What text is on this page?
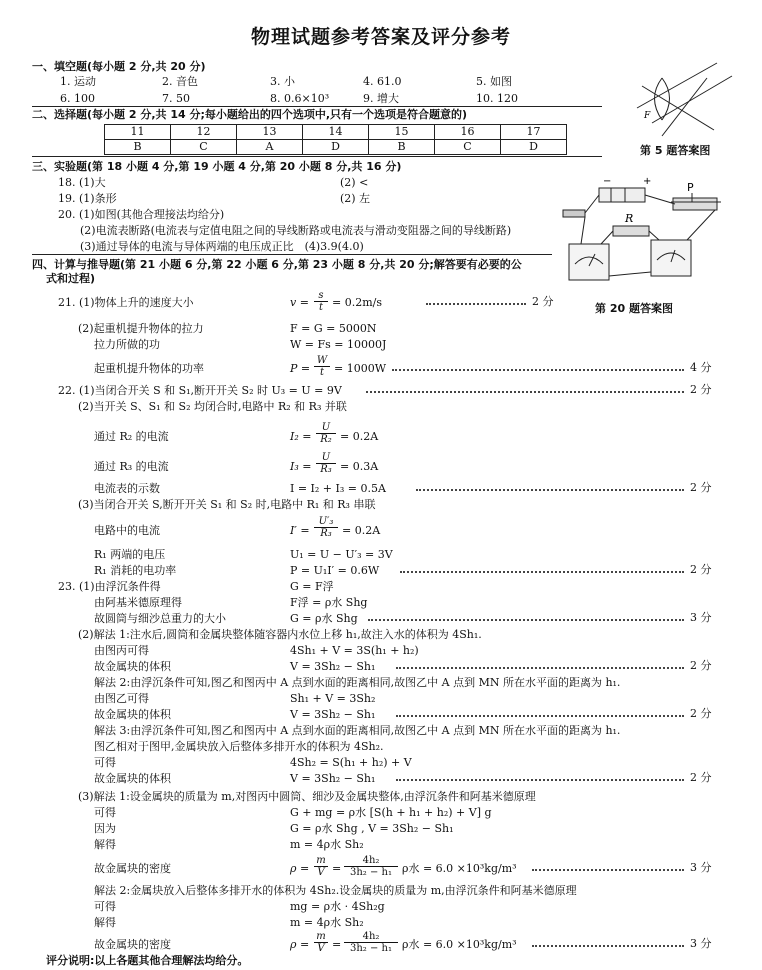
物理试题参考答案及评分参考
一、填空题(每小题 2 分,共 20 分)
1. 运动	2. 音色	3. 小	4. 61.0	5. 如图
6. 100	7. 50	8. 0.6×10³	9. 增大	10. 120
二、选择题(每小题 2 分,共 14 分;每小题给出的四个选项中,只有一个选项是符合题意的)
11	12	13	14	15	16	17
B	C	A	D	B	C	D
F
第 5 题答案图
三、实验题(第 18 小题 4 分,第 19 小题 4 分,第 20 小题 8 分,共 16 分)
18. (1)大	(2) <
19. (1)条形	(2) 左
20. (1)如图(其他合理接法均给分)
(2)电流表断路(电流表与定值电阻之间的导线断路或电流表与滑动变阻器之间的导线断路)
(3)通过导体的电流与导体两端的电压成正比　(4)3.9(4.0)
−	+	P
R
第 20 题答案图
四、计算与推导题(第 21 小题 6 分,第 22 小题 6 分,第 23 小题 8 分,共 20 分;解答要有必要的公
式和过程)
21. (1)物体上升的速度大小	$v = \frac{s}{t} = 0.2m/s$	2 分
(2)起重机提升物体的拉力	F = G = 5000N
拉力所做的功	W = Fs = 10000J
起重机提升物体的功率	$P = \frac{W}{t} = 1000W$	4 分
22. (1)当闭合开关 S 和 S₁,断开开关 S₂ 时 U₃ = U = 9V	2 分
(2)当开关 S、S₁ 和 S₂ 均闭合时,电路中 R₂ 和 R₃ 并联
通过 R₂ 的电流	$I_2 = \frac{U}{\text{R₂}} = 0.2A$
通过 R₃ 的电流	$I_3 = \frac{U}{\text{R₃}} = 0.3A$
电流表的示数	I = I₂ + I₃ = 0.5A	2 分
(3)当闭合开关 S,断开开关 S₁ 和 S₂ 时,电路中 R₁ 和 R₃ 串联
电路中的电流	$I' = \frac{\text{U′₃}}{\text{R₃}} = 0.2A$
R₁ 两端的电压	U₁ = U − U′₃ = 3V
R₁ 消耗的电功率	P = U₁I′ = 0.6W	2 分
23. (1)由浮沉条件得	G = F浮
由阿基米德原理得	F浮 = ρ水 Shg
故圆筒与细沙总重力的大小	G = ρ水 Shg	3 分
(2)解法 1:注水后,圆筒和金属块整体随容器内水位上移 h₁,故注入水的体积为 4Sh₁.
由图丙可得	4Sh₁ + V = 3S(h₁ + h₂)
故金属块的体积	V = 3Sh₂ − Sh₁	2 分
解法 2:由浮沉条件可知,图乙和图丙中 A 点到水面的距离相同,故图乙中 A 点到 MN 所在水平面的距离为 h₁.
由图乙可得	Sh₁ + V = 3Sh₂
故金属块的体积	V = 3Sh₂ − Sh₁	2 分
解法 3:由浮沉条件可知,图乙和图丙中 A 点到水面的距离相同,故图乙中 A 点到 MN 所在水平面的距离为 h₁.
图乙相对于图甲,金属块放入后整体多排开水的体积为 4Sh₂.
可得	4Sh₂ = S(h₁ + h₂) + V
故金属块的体积	V = 3Sh₂ − Sh₁	2 分
(3)解法 1:设金属块的质量为 m,对图丙中圆筒、细沙及金属块整体,由浮沉条件和阿基米德原理
可得	G + mg = ρ水 [S(h + h₁ + h₂) + V] g
因为	G = ρ水 Shg , V = 3Sh₂ − Sh₁
解得	m = 4ρ水 Sh₂
故金属块的密度	$\rho = \frac{m}{V} = \frac{\text{4h₂}}{\text{3h₂ − h₁}}$ ρ水 = 6.0 ×10³kg/m³	3 分
解法 2:金属块放入后整体多排开水的体积为 4Sh₂.设金属块的质量为 m,由浮沉条件和阿基米德原理
可得	mg = ρ水 · 4Sh₂g
解得	m = 4ρ水 Sh₂
故金属块的密度	$\rho = \frac{m}{V} = \frac{\text{4h₂}}{\text{3h₂ − h₁}}$ ρ水 = 6.0 ×10³kg/m³	3 分
评分说明:以上各题其他合理解法均给分。
